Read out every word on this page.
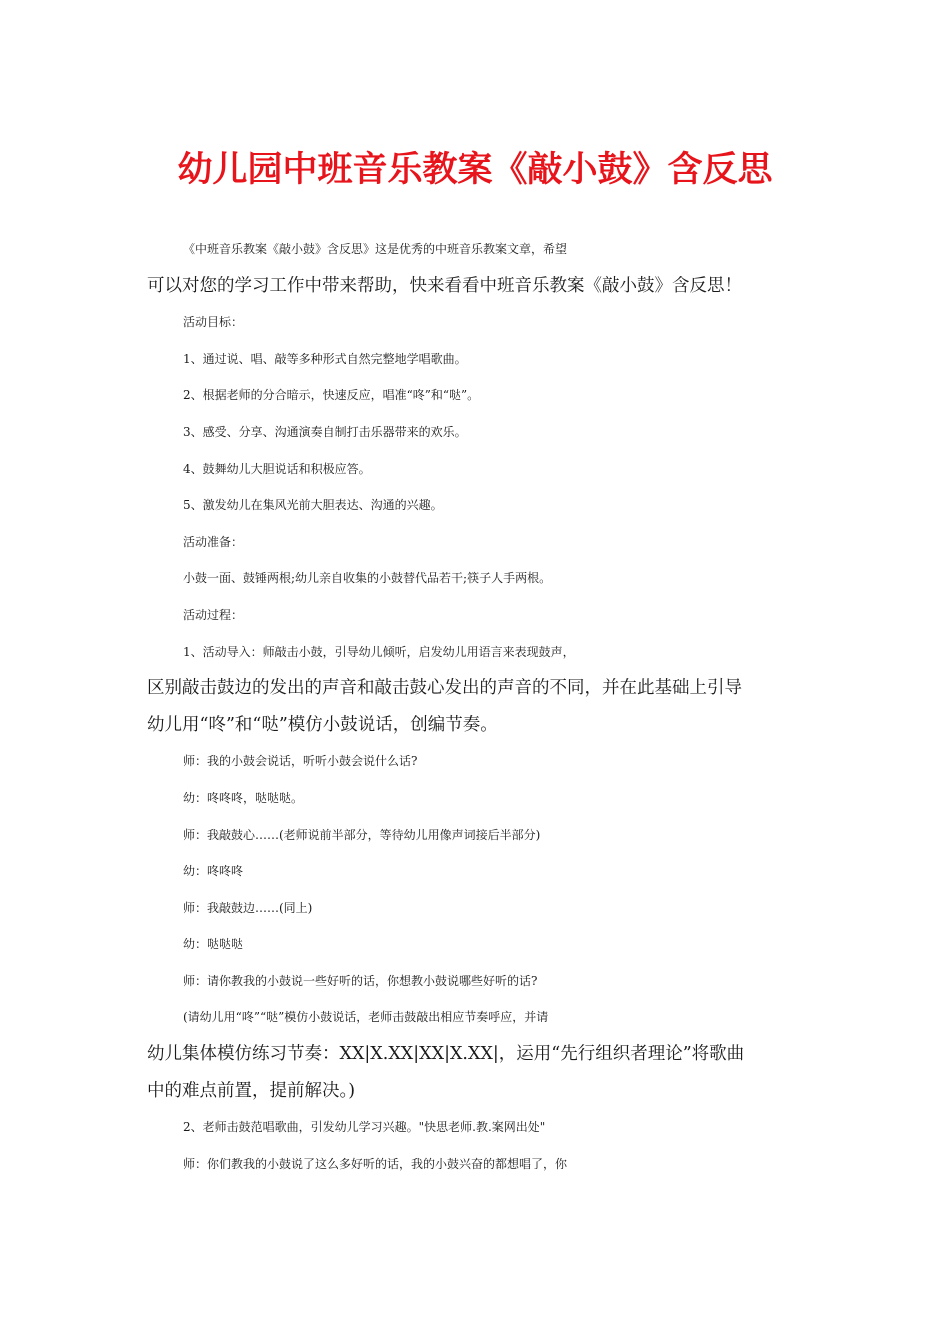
幼儿园中班音乐教案《敲小鼓》含反思

《中班音乐教案《敲小鼓》含反思》这是优秀的中班音乐教案文章，希望

可以对您的学习工作中带来帮助，快来看看中班音乐教案《敲小鼓》含反思！

活动目标：

1、通过说、唱、敲等多种形式自然完整地学唱歌曲。

2、根据老师的分合暗示，快速反应，唱准“咚”和“哒”。

3、感受、分享、沟通演奏自制打击乐器带来的欢乐。

4、鼓舞幼儿大胆说话和积极应答。

5、激发幼儿在集风光前大胆表达、沟通的兴趣。

活动准备：

小鼓一面、鼓锤两根;幼儿亲自收集的小鼓替代品若干;筷子人手两根。

活动过程：

1、活动导入：师敲击小鼓，引导幼儿倾听，启发幼儿用语言来表现鼓声，

区别敲击鼓边的发出的声音和敲击鼓心发出的声音的不同，并在此基础上引导

幼儿用“咚”和“哒”模仿小鼓说话，创编节奏。

师：我的小鼓会说话，听听小鼓会说什么话?

幼：咚咚咚，哒哒哒。

师：我敲鼓心……(老师说前半部分，等待幼儿用像声词接后半部分)

幼：咚咚咚

师：我敲鼓边……(同上)

幼：哒哒哒

师：请你教我的小鼓说一些好听的话，你想教小鼓说哪些好听的话?

(请幼儿用“咚”“哒”模仿小鼓说话，老师击鼓敲出相应节奏呼应，并请

幼儿集体模仿练习节奏：XX|X.XX|XX|X.XX|，运用“先行组织者理论”将歌曲

中的难点前置，提前解决。)

2、老师击鼓范唱歌曲，引发幼儿学习兴趣。"快思老师.教.案网出处"

师：你们教我的小鼓说了这么多好听的话，我的小鼓兴奋的都想唱了，你
